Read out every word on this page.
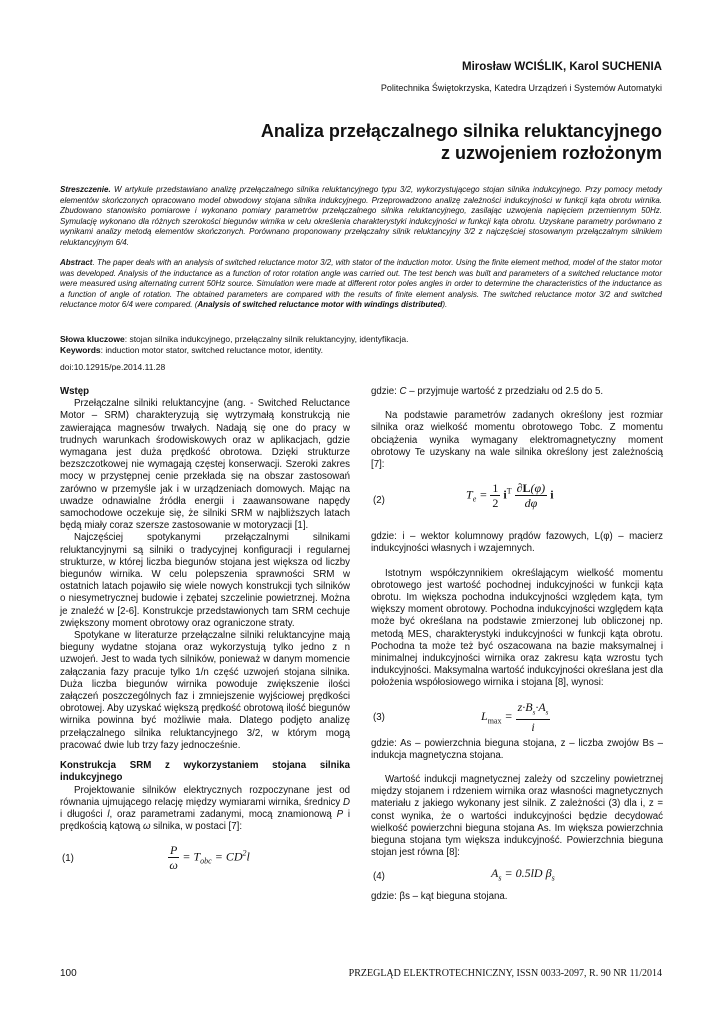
Mirosław WCIŚLIK, Karol SUCHENIA
Politechnika Świętokrzyska, Katedra Urządzeń i Systemów Automatyki
Analiza przełączalnego silnika reluktancyjnego
z uzwojeniem rozłożonym
Streszczenie. W artykule przedstawiano analizę przełączalnego silnika reluktancyjnego typu 3/2, wykorzystującego stojan silnika indukcyjnego. Przy pomocy metody elementów skończonych opracowano model obwodowy stojana silnika indukcyjnego. Przeprowadzono analizę zależności indukcyjności w funkcji kąta obrotu wirnika. Zbudowano stanowisko pomiarowe i wykonano pomiary parametrów przełączalnego silnika reluktancyjnego, zasilając uzwojenia napięciem przemiennym 50Hz. Symulację wykonano dla różnych szerokości biegunów wirnika w celu określenia charakterystyki indukcyjności w funkcji kąta obrotu. Uzyskane parametry porównano z wynikami analizy metodą elementów skończonych. Porównano proponowany przełączalny silnik reluktancyjny 3/2 z najczęściej stosowanym przełączalnym silnikiem reluktancyjnym 6/4.
Abstract. The paper deals with an analysis of switched reluctance motor 3/2, with stator of the induction motor. Using the finite element method, model of the stator motor was developed. Analysis of the inductance as a function of rotor rotation angle was carried out. The test bench was built and parameters of a switched reluctance motor were measured using alternating current 50Hz source. Simulation were made at different rotor poles angles in order to determine the characteristics of the inductance as a function of angle of rotation. The obtained parameters are compared with the results of finite element analysis. The switched reluctance motor 3/2 and switched reluctance motor 6/4 were compared. (Analysis of switched reluctance motor with windings distributed).
Słowa kluczowe: stojan silnika indukcyjnego, przełączalny silnik reluktancyjny, identyfikacja.
Keywords: induction motor stator, switched reluctance motor, identity.
doi:10.12915/pe.2014.11.28
Wstęp

Przełączalne silniki reluktancyjne (ang. - Switched Reluctance Motor – SRM) charakteryzują się wytrzymałą konstrukcją nie zawierająca magnesów trwałych. Nadają się one do pracy w trudnych warunkach środowiskowych oraz w aplikacjach, gdzie wymagana jest duża prędkość obrotowa. Dzięki strukturze bezszczotkowej nie wymagają częstej konserwacji. Szeroki zakres mocy w przystępnej cenie przekłada się na obszar zastosowań zarówno w przemyśle jak i w urządzeniach domowych. Mając na uwadze odnawialne źródła energii i zaawansowane napędy samochodowe oczekuje się, że silniki SRM w najbliższych latach będą miały coraz szersze zastosowanie w motoryzacji [1].

Najczęściej spotykanymi przełączalnymi silnikami reluktancyjnymi są silniki o tradycyjnej konfiguracji i regularnej strukturze, w której liczba biegunów stojana jest większa od liczby biegunów wirnika. W celu polepszenia sprawności SRM w ostatnich latach pojawiło się wiele nowych konstrukcji tych silników o niesymetrycznej budowie i zębatej szczelinie powietrznej. Można je znaleźć w [2-6]. Konstrukcje przedstawionych tam SRM cechuje zwiększony moment obrotowy oraz ograniczone straty.

Spotykane w literaturze przełączalne silniki reluktancyjne mają bieguny wydatne stojana oraz wykorzystują tylko jedno z n uzwojeń. Jest to wada tych silników, ponieważ w danym momencie załączania fazy pracuje tylko 1/n część uzwojeń stojana silnika. Duża liczba biegunów wirnika powoduje zwiększenie ilości załączeń poszczególnych faz i zmniejszenie wyjściowej prędkości obrotowej. Aby uzyskać większą prędkość obrotową ilość biegunów wirnika powinna być możliwie mała. Dlatego podjęto analizę przełączalnego silnika reluktancyjnego 3/2, w którym mogą pracować dwie lub trzy fazy jednocześnie.

Konstrukcja SRM z wykorzystaniem stojana silnika indukcyjnego

Projektowanie silników elektrycznych rozpoczynane jest od równania ujmującego relację między wymiarami wirnika, średnicy D i długości l, oraz parametrami zadanymi, mocą znamionową P i prędkością kątową ω silnika, w postaci [7]:

(1)	$\frac{P}{\omega} = T_{obc} = CD^2l$

gdzie: C – przyjmuje wartość z przedziału od 2.5 do 5.

Na podstawie parametrów zadanych określony jest rozmiar silnika oraz wielkość momentu obrotowego Tobc. Z momentu obciążenia wynika wymagany elektromagnetyczny moment obrotowy Te uzyskany na wale silnika określony jest zależnością [7]:

(2)	$T_e = \frac{1}{2} i^T \frac{\partial L(\varphi)}{d\varphi}$ i

gdzie: i – wektor kolumnowy prądów fazowych, L(φ) – macierz indukcyjności własnych i wzajemnych.

Istotnym współczynnikiem określającym wielkość momentu obrotowego jest wartość pochodnej indukcyjności w funkcji kąta obrotu. Im większa pochodna indukcyjności względem kąta, tym większy moment obrotowy. Pochodna indukcyjności względem kąta może być określana na podstawie zmierzonej lub obliczonej np. metodą MES, charakterystyki indukcyjności w funkcji kąta obrotu. Pochodna ta może też być oszacowana na bazie maksymalnej i minimalnej indukcyjności wirnika oraz zakresu kąta wzrostu tych indukcyjności. Maksymalna wartość indukcyjności określana jest dla położenia współosiowego wirnika i stojana [8], wynosi:

(3)	$L_{max} = \frac{z\cdot B_s\cdot A_s}{i}$

gdzie: As – powierzchnia bieguna stojana, z – liczba zwojów Bs – indukcja magnetyczna stojana.

Wartość indukcji magnetycznej zależy od szczeliny powietrznej między stojanem i rdzeniem wirnika oraz własności magnetycznych materiału z jakiego wykonany jest silnik. Z zależności (3) dla i, z = const wynika, że o wartości indukcyjności będzie decydować wielkość powierzchni bieguna stojana As. Im większa powierzchnia bieguna stojana tym większa indukcyjność. Powierzchnia bieguna stojan jest równa [8]:

(4)	$A_s = 0.5lD$ $\beta_s$

gdzie: βs – kąt bieguna stojana.

100	PRZEGLĄD ELEKTROTECHNICZNY, ISSN 0033-2097, R. 90 NR 11/2014
